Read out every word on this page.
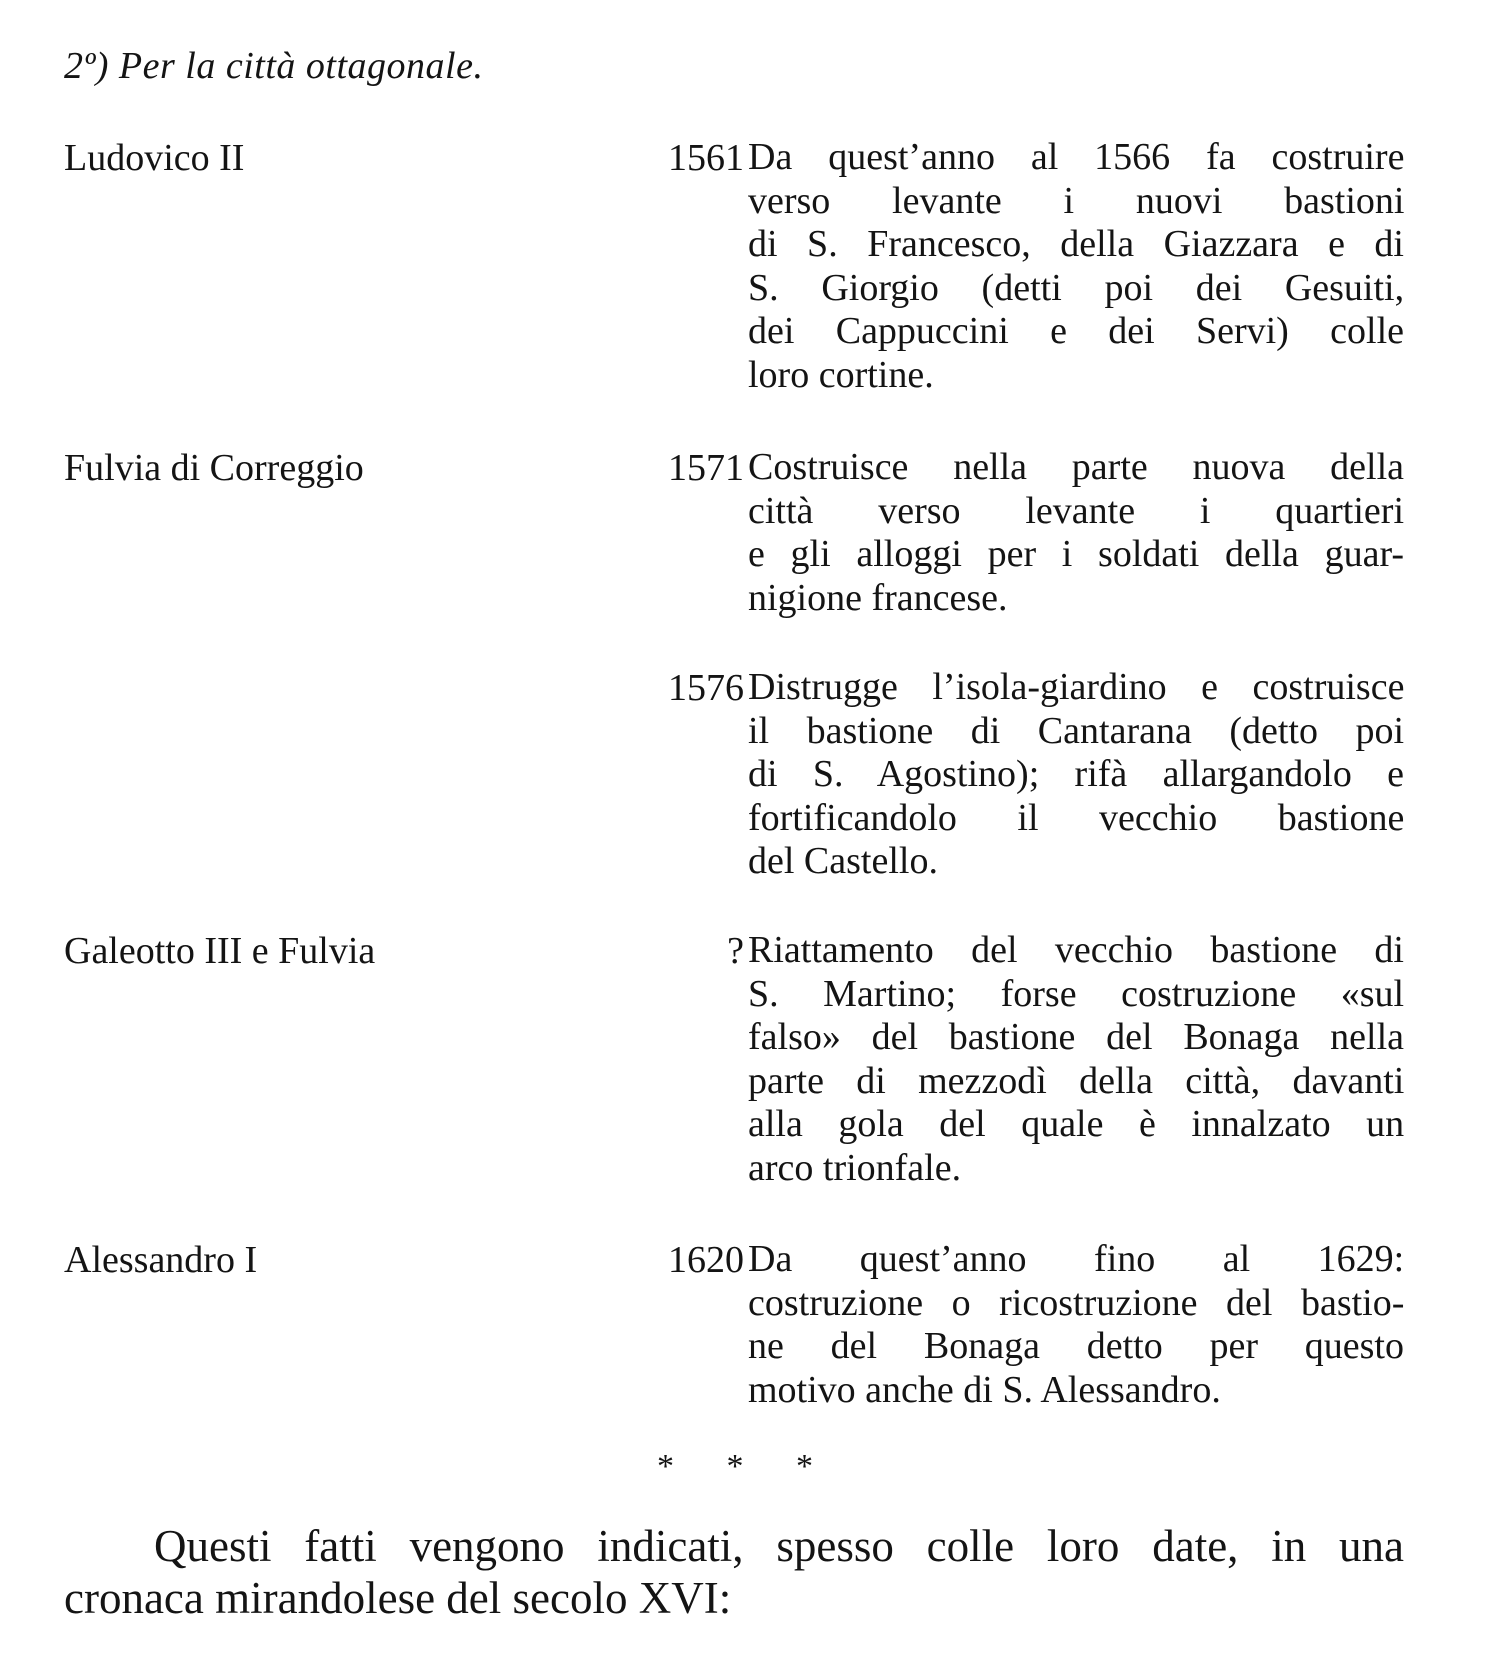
2º) Per la città ottagonale.
Ludovico II	1561 Da quest’anno al 1566 fa costruire
verso levante i nuovi bastioni
di S. Francesco, della Giazzara e di
S. Giorgio (detti poi dei Gesuiti,
dei Cappuccini e dei Servi) colle
loro cortine.
Fulvia di Correggio	1571 Costruisce nella parte nuova della
città verso levante i quartieri
e gli alloggi per i soldati della guar-
nigione francese.
1576 Distrugge l’isola-giardino e costruisce
il bastione di Cantarana (detto poi
di S. Agostino); rifà allargandolo e
fortificandolo il vecchio bastione
del Castello.
Galeotto III e Fulvia	? Riattamento del vecchio bastione di
S. Martino; forse costruzione «sul
falso» del bastione del Bonaga nella
parte di mezzodì della città, davanti
alla gola del quale è innalzato un
arco trionfale.
Alessandro I	1620 Da quest’anno fino al 1629:
costruzione o ricostruzione del bastio-
ne del Bonaga detto per questo
motivo anche di S. Alessandro.
* * *
Questi fatti vengono indicati, spesso colle loro date, in una
cronaca mirandolese del secolo XVI:
